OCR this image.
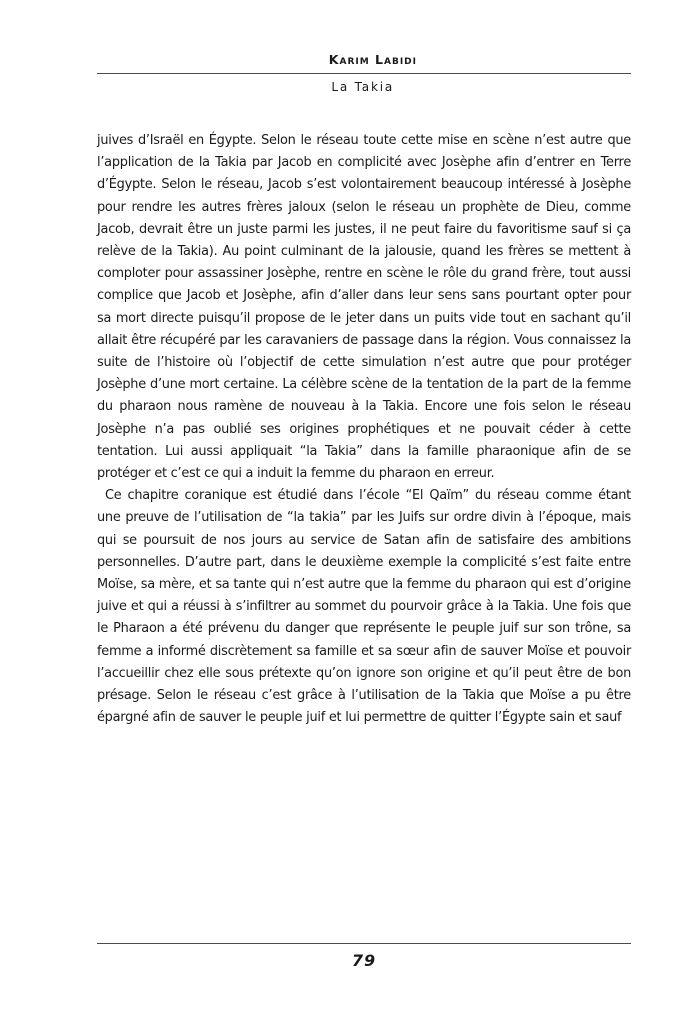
Karim Labidi
La Takia

juives d’Israël en Égypte. Selon le réseau toute cette mise en scène n’est autre que l’application de la Takia par Jacob en complicité avec Josèphe afin d’entrer en Terre d’Égypte. Selon le réseau, Jacob s’est volontairement beaucoup intéressé à Josèphe pour rendre les autres frères jaloux (selon le réseau un prophète de Dieu, comme Jacob, devrait être un juste parmi les justes, il ne peut faire du favoritisme sauf si ça relève de la Takia). Au point culminant de la jalousie, quand les frères se mettent à comploter pour assassiner Josèphe, rentre en scène le rôle du grand frère, tout aussi complice que Jacob et Josèphe, afin d’aller dans leur sens sans pourtant opter pour sa mort directe puisqu’il propose de le jeter dans un puits vide tout en sachant qu’il allait être récupéré par les caravaniers de passage dans la région. Vous connaissez la suite de l’histoire où l’objectif de cette simulation n’est autre que pour protéger Josèphe d’une mort certaine. La célèbre scène de la tentation de la part de la femme du pharaon nous ramène de nouveau à la Takia. Encore une fois selon le réseau Josèphe n’a pas oublié ses origines prophétiques et ne pouvait céder à cette tentation. Lui aussi appliquait “la Takia” dans la famille pharaonique afin de se protéger et c’est ce qui a induit la femme du pharaon en erreur.

Ce chapitre coranique est étudié dans l’école “El Qaïm” du réseau comme étant une preuve de l’utilisation de “la takia” par les Juifs sur ordre divin à l’époque, mais qui se poursuit de nos jours au service de Satan afin de satisfaire des ambitions personnelles. D’autre part, dans le deuxième exemple la complicité s’est faite entre Moïse, sa mère, et sa tante qui n’est autre que la femme du pharaon qui est d’origine juive et qui a réussi à s’infiltrer au sommet du pourvoir grâce à la Takia. Une fois que le Pharaon a été prévenu du danger que représente le peuple juif sur son trône, sa femme a informé discrètement sa famille et sa sœur afin de sauver Moïse et pouvoir l’accueillir chez elle sous prétexte qu’on ignore son origine et qu’il peut être de bon présage. Selon le réseau c’est grâce à l’utilisation de la Takia que Moïse a pu être épargné afin de sauver le peuple juif et lui permettre de quitter l’Égypte sain et sauf

79
